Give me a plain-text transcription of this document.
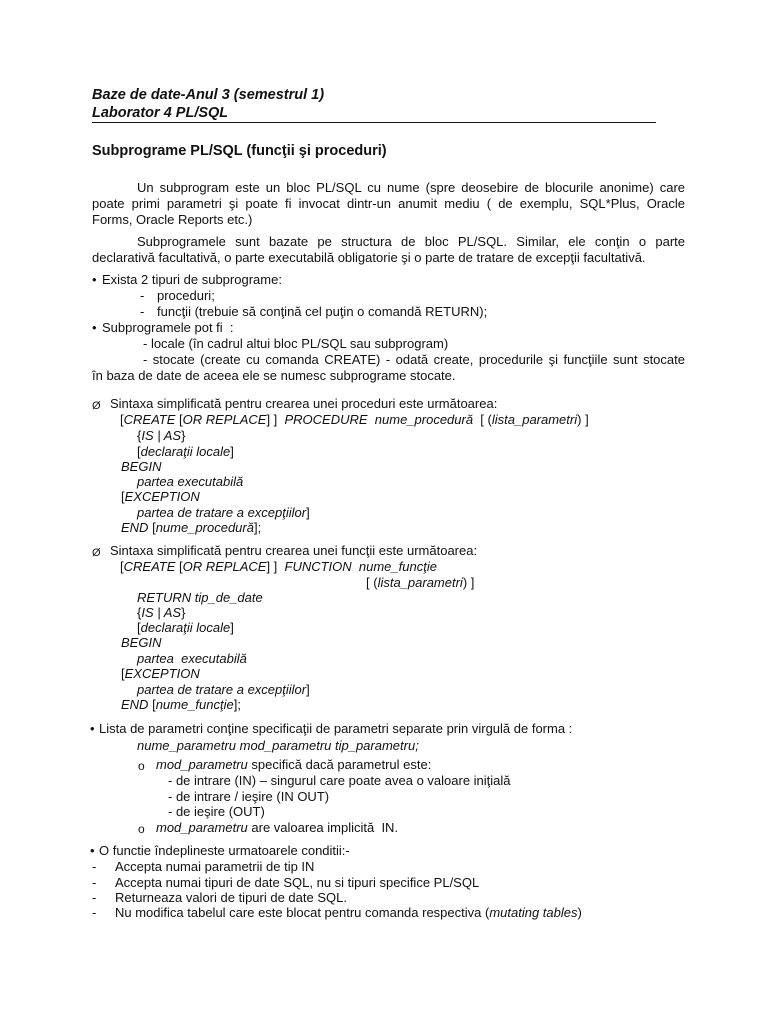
Baze de date-Anul 3 (semestrul 1)
Laborator 4 PL/SQL
Subprograme PL/SQL (funcţii şi proceduri)
Un subprogram este un bloc PL/SQL cu nume (spre deosebire de blocurile anonime) care
poate primi parametri şi poate fi invocat dintr-un anumit mediu ( de exemplu, SQL*Plus, Oracle
Forms, Oracle Reports etc.)
Subprogramele sunt bazate pe structura de bloc PL/SQL. Similar, ele conţin o parte
declarativă facultativă, o parte executabilă obligatorie şi o parte de tratare de excepţii facultativă.
• Exista 2 tipuri de subprograme:
- proceduri;
- funcţii (trebuie să conţină cel puţin o comandă RETURN);
• Subprogramele pot fi  :
- locale (în cadrul altui bloc PL/SQL sau subprogram)
- stocate (create cu comanda CREATE) - odată create, procedurile şi funcţiile sunt stocate
în baza de date de aceea ele se numesc subprograme stocate.
Ø Sintaxa simplificată pentru crearea unei proceduri este următoarea:
[CREATE [OR REPLACE] ]  PROCEDURE  nume_procedură  [ (lista_parametri) ]
{IS | AS}
[declaraţii locale]
BEGIN
partea executabilă
[EXCEPTION
partea de tratare a excepţiilor]
END [nume_procedură];
Ø Sintaxa simplificată pentru crearea unei funcţii este următoarea:
[CREATE [OR REPLACE] ]  FUNCTION  nume_funcţie
[ (lista_parametri) ]
RETURN tip_de_date
{IS | AS}
[declaraţii locale]
BEGIN
partea  executabilă
[EXCEPTION
partea de tratare a excepţiilor]
END [nume_funcţie];
• Lista de parametri conţine specificaţii de parametri separate prin virgulă de forma :
nume_parametru mod_parametru tip_parametru;
o mod_parametru specifică dacă parametrul este:
- de intrare (IN) – singurul care poate avea o valoare iniţială
- de intrare / ieşire (IN OUT)
- de ieşire (OUT)
o mod_parametru are valoarea implicită  IN.
• O functie îndeplineste urmatoarele conditii:-
- Accepta numai parametrii de tip IN
- Accepta numai tipuri de date SQL, nu si tipuri specifice PL/SQL
- Returneaza valori de tipuri de date SQL.
- Nu modifica tabelul care este blocat pentru comanda respectiva (mutating tables)
